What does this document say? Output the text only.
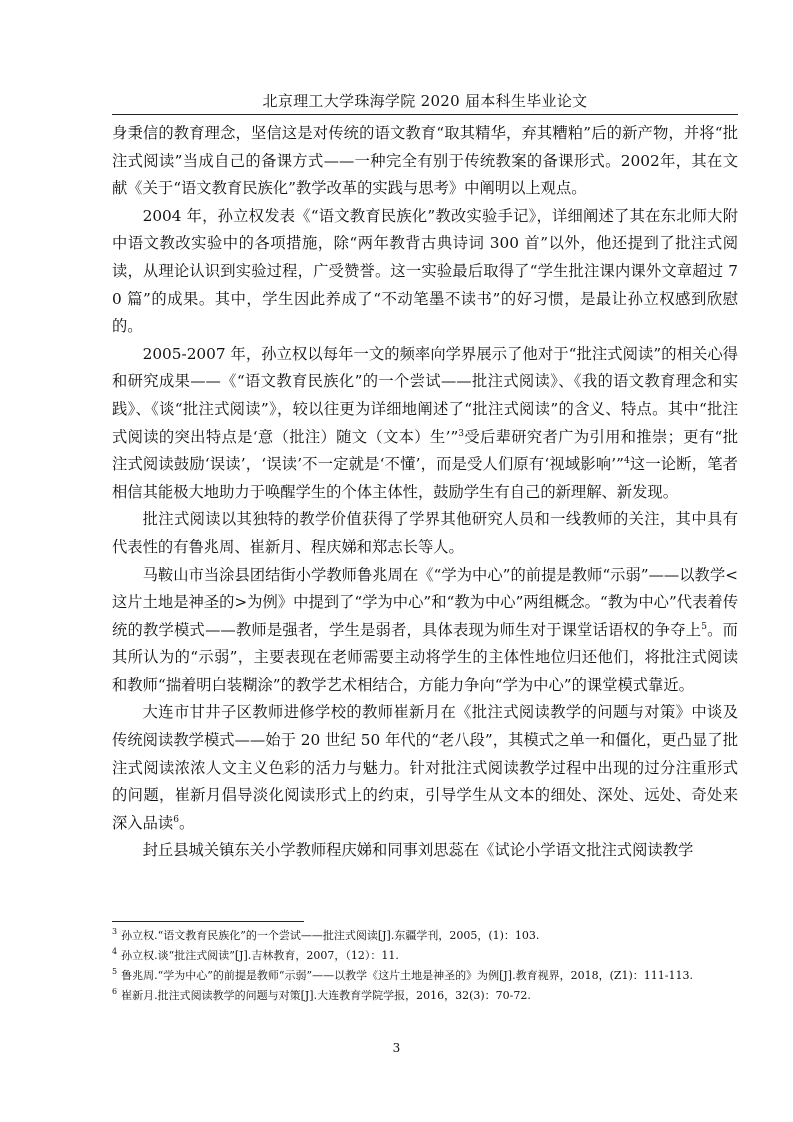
北京理工大学珠海学院 2020 届本科生毕业论文

身秉信的教育理念，坚信这是对传统的语文教育“取其精华，弃其糟粕”后的新产物，并将“批注式阅读”当成自己的备课方式——一种完全有别于传统教案的备课形式。2002年，其在文献《关于“语文教育民族化”教学改革的实践与思考》中阐明以上观点。

2004 年，孙立权发表《“语文教育民族化”教改实验手记》，详细阐述了其在东北师大附中语文教改实验中的各项措施，除“两年教背古典诗词 300 首”以外，他还提到了批注式阅读，从理论认识到实验过程，广受赞誉。这一实验最后取得了“学生批注课内课外文章超过 70 篇”的成果。其中，学生因此养成了“不动笔墨不读书”的好习惯，是最让孙立权感到欣慰的。

2005-2007 年，孙立权以每年一文的频率向学界展示了他对于“批注式阅读”的相关心得和研究成果——《“语文教育民族化”的一个尝试——批注式阅读》、《我的语文教育理念和实践》、《谈“批注式阅读”》，较以往更为详细地阐述了“批注式阅读”的含义、特点。其中“批注式阅读的突出特点是‘意（批注）随文（文本）生’”$^3$受后辈研究者广为引用和推崇；更有“批注式阅读鼓励‘误读’，‘误读’不一定就是‘不懂’，而是受人们原有‘视域影响’”$^4$这一论断，笔者相信其能极大地助力于唤醒学生的个体主体性，鼓励学生有自己的新理解、新发现。

批注式阅读以其独特的教学价值获得了学界其他研究人员和一线教师的关注，其中具有代表性的有鲁兆周、崔新月、程庆娣和郑志长等人。

马鞍山市当涂县团结街小学教师鲁兆周在《“学为中心”的前提是教师“示弱”——以教学<这片土地是神圣的>为例》中提到了“学为中心”和“教为中心”两组概念。“教为中心”代表着传统的教学模式——教师是强者，学生是弱者，具体表现为师生对于课堂话语权的争夺上$^5$。而其所认为的“示弱”，主要表现在老师需要主动将学生的主体性地位归还他们，将批注式阅读和教师“揣着明白装糊涂”的教学艺术相结合，方能力争向“学为中心”的课堂模式靠近。

大连市甘井子区教师进修学校的教师崔新月在《批注式阅读教学的问题与对策》中谈及传统阅读教学模式——始于 20 世纪 50 年代的“老八段”，其模式之单一和僵化，更凸显了批注式阅读浓浓人文主义色彩的活力与魅力。针对批注式阅读教学过程中出现的过分注重形式的问题，崔新月倡导淡化阅读形式上的约束，引导学生从文本的细处、深处、远处、奇处来深入品读$^6$。

封丘县城关镇东关小学教师程庆娣和同事刘思蕊在《试论小学语文批注式阅读教学

$^3$ 孙立权.“语文教育民族化”的一个尝试——批注式阅读[J].东疆学刊，2005，(1)：103.
$^4$ 孙立权.谈“批注式阅读”[J].吉林教育，2007，（12）：11.
$^5$ 鲁兆周.“学为中心”的前提是教师“示弱”——以教学《这片土地是神圣的》为例[J].教育视界，2018，(Z1)：111-113.
$^6$ 崔新月.批注式阅读教学的问题与对策[J].大连教育学院学报，2016，32(3)：70-72.
3
